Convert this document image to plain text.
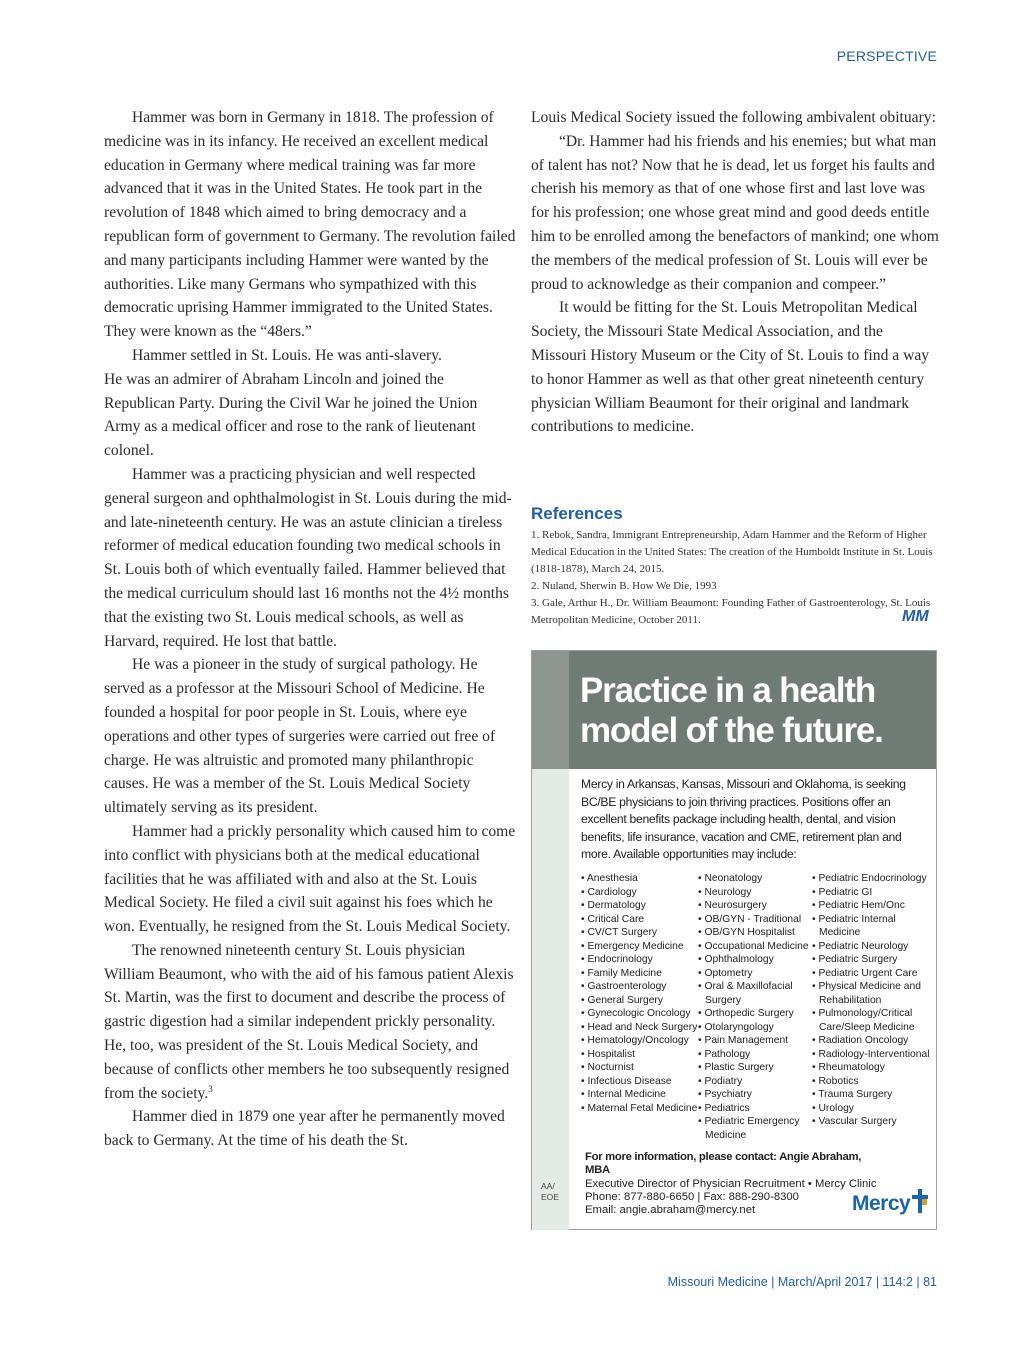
PERSPECTIVE

Hammer was born in Germany in 1818. The profession of medicine was in its infancy. He received an excellent medical education in Germany where medical training was far more advanced that it was in the United States. He took part in the revolution of 1848 which aimed to bring democracy and a republican form of government to Germany. The revolution failed and many participants including Hammer were wanted by the authorities. Like many Germans who sympathized with this democratic uprising Hammer immigrated to the United States. They were known as the “48ers.”

Hammer settled in St. Louis. He was anti-slavery.

He was an admirer of Abraham Lincoln and joined the Republican Party. During the Civil War he joined the Union Army as a medical officer and rose to the rank of lieutenant colonel.

Hammer was a practicing physician and well respected general surgeon and ophthalmologist in St. Louis during the mid- and late-nineteenth century. He was an astute clinician a tireless reformer of medical education founding two medical schools in St. Louis both of which eventually failed. Hammer believed that the medical curriculum should last 16 months not the 4½ months that the existing two St. Louis medical schools, as well as Harvard, required. He lost that battle.

He was a pioneer in the study of surgical pathology. He served as a professor at the Missouri School of Medicine. He founded a hospital for poor people in St. Louis, where eye operations and other types of surgeries were carried out free of charge. He was altruistic and promoted many philanthropic causes. He was a member of the St. Louis Medical Society ultimately serving as its president.

Hammer had a prickly personality which caused him to come into conflict with physicians both at the medical educational facilities that he was affiliated with and also at the St. Louis Medical Society. He filed a civil suit against his foes which he won. Eventually, he resigned from the St. Louis Medical Society.

The renowned nineteenth century St. Louis physician William Beaumont, who with the aid of his famous patient Alexis St. Martin, was the first to document and describe the process of gastric digestion had a similar independent prickly personality. He, too, was president of the St. Louis Medical Society, and because of conflicts other members he too subsequently resigned from the society.$^3$

Hammer died in 1879 one year after he permanently moved back to Germany. At the time of his death the St.

Louis Medical Society issued the following ambivalent obituary:

“Dr. Hammer had his friends and his enemies; but what man of talent has not? Now that he is dead, let us forget his faults and cherish his memory as that of one whose first and last love was for his profession; one whose great mind and good deeds entitle him to be enrolled among the benefactors of mankind; one whom the members of the medical profession of St. Louis will ever be proud to acknowledge as their companion and compeer.”

It would be fitting for the St. Louis Metropolitan Medical Society, the Missouri State Medical Association, and the Missouri History Museum or the City of St. Louis to find a way to honor Hammer as well as that other great nineteenth century physician William Beaumont for their original and landmark contributions to medicine.

References
1. Rebok, Sandra, Immigrant Entrepreneurship, Adam Hammer and the Reform of Higher Medical Education in the United States: The creation of the Humboldt Institute in St. Louis (1818-1878), March 24, 2015.
2. Nuland, Sherwin B. How We Die, 1993
3. Gale, Arthur H., Dr. William Beaumont: Founding Father of Gastroenterology, St. Louis Metropolitan Medicine, October 2011.	MM
Practice in a health
model of the future.
Mercy in Arkansas, Kansas, Missouri and Oklahoma, is seeking BC/BE physicians to join thriving practices. Positions offer an excellent benefits package including health, dental, and vision benefits, life insurance, vacation and CME, retirement plan and more. Available opportunities may include:
• Anesthesia
• Cardiology
• Dermatology
• Critical Care
• CV/CT Surgery
• Emergency Medicine
• Endocrinology
• Family Medicine
• Gastroenterology
• General Surgery
• Gynecologic Oncology
• Head and Neck Surgery
• Hematology/Oncology
• Hospitalist
• Nocturnist
• Infectious Disease
• Internal Medicine
• Maternal Fetal Medicine
• Neonatology
• Neurology
• Neurosurgery
• OB/GYN - Traditional
• OB/GYN Hospitalist
• Occupational Medicine
• Ophthalmology
• Optometry
• Oral & Maxillofacial Surgery
• Orthopedic Surgery
• Otolaryngology
• Pain Management
• Pathology
• Plastic Surgery
• Podiatry
• Psychiatry
• Pediatrics
• Pediatric Emergency Medicine
• Pediatric Endocrinology
• Pediatric GI
• Pediatric Hem/Onc
• Pediatric Internal Medicine
• Pediatric Neurology
• Pediatric Surgery
• Pediatric Urgent Care
• Physical Medicine and Rehabilitation
• Pulmonology/Critical Care/Sleep Medicine
• Radiation Oncology
• Radiology-Interventional
• Rheumatology
• Robotics
• Trauma Surgery
• Urology
• Vascular Surgery
For more information, please contact: Angie Abraham, MBA
Executive Director of Physician Recruitment • Mercy Clinic
Phone: 877-880-6650 | Fax: 888-290-8300
Email: angie.abraham@mercy.net
AA/
EOE	Mercy
Missouri Medicine | March/April 2017 | 114:2 | 81
